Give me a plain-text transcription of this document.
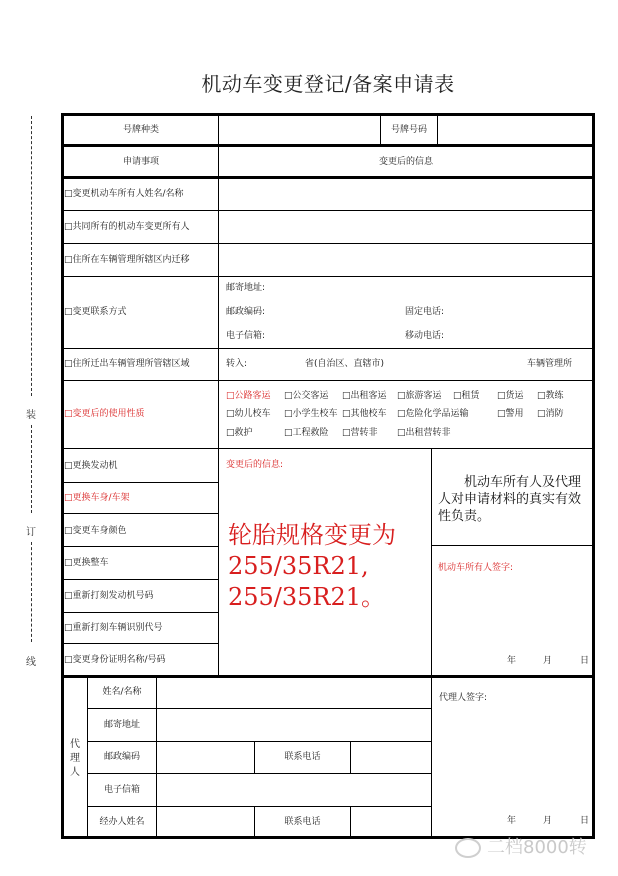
机动车变更登记/备案申请表
装
订
线
号牌种类	号牌号码
申请事项	变更后的信息
□变更机动车所有人姓名/名称
□共同所有的机动车变更所有人
□住所在车辆管理所辖区内迁移
□变更联系方式
邮寄地址:
邮政编码:	固定电话:
电子信箱:	移动电话:
□住所迁出车辆管理所管辖区域	转入:	省(自治区、直辖市)	车辆管理所
□变更后的使用性质
□公路客运 □公交客运 □出租客运 □旅游客运 □租赁 □货运 □教练
□幼儿校车 □小学生校车 □其他校车 □危险化学品运输	□警用 □消防
□救护	□工程救险 □营转非 □出租营转非
□更换发动机
□更换车身/车架
□变更车身颜色
□更换整车
□重新打刻发动机号码
□重新打刻车辆识别代号
□变更身份证明名称/号码
变更后的信息:
轮胎规格变更为
255/35R21,
255/35R21。
机动车所有人及代理人对申请材料的真实有效性负责。
机动车所有人签字:
年	月	日
代理人
姓名/名称
邮寄地址
邮政编码	联系电话
电子信箱
经办人姓名	联系电话
代理人签字:
年	月	日
二档8000转
